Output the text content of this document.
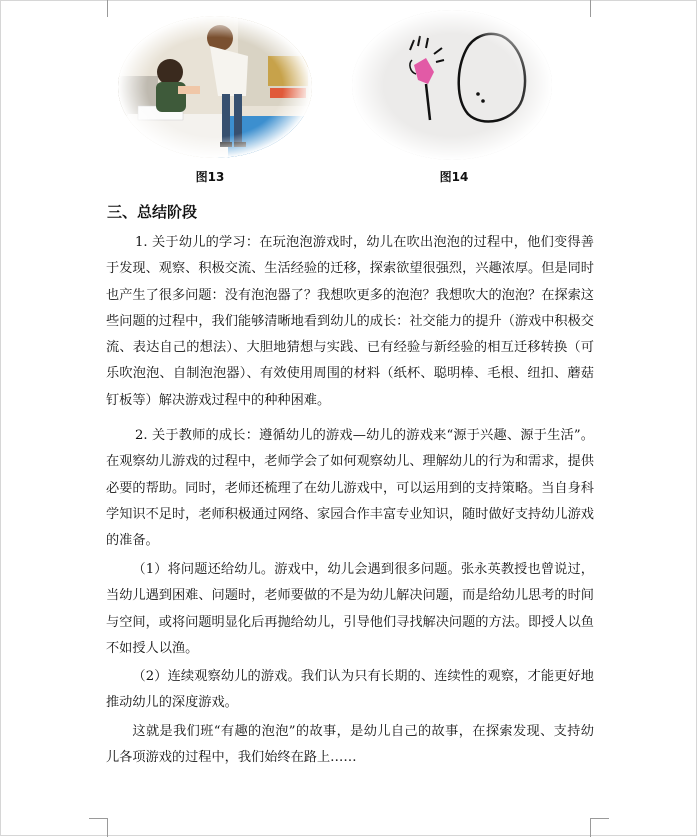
图13	图14
三、总结阶段

1. 关于幼儿的学习：在玩泡泡游戏时，幼儿在吹出泡泡的过程中，他们变得善于发现、观察、积极交流、生活经验的迁移，探索欲望很强烈，兴趣浓厚。但是同时也产生了很多问题：没有泡泡器了？我想吹更多的泡泡？我想吹大的泡泡？在探索这些问题的过程中，我们能够清晰地看到幼儿的成长：社交能力的提升（游戏中积极交流、表达自己的想法）、大胆地猜想与实践、已有经验与新经验的相互迁移转换（可乐吹泡泡、自制泡泡器）、有效使用周围的材料（纸杯、聪明棒、毛根、纽扣、蘑菇钉板等）解决游戏过程中的种种困难。

2. 关于教师的成长：遵循幼儿的游戏—幼儿的游戏来“源于兴趣、源于生活”。在观察幼儿游戏的过程中，老师学会了如何观察幼儿、理解幼儿的行为和需求，提供必要的帮助。同时，老师还梳理了在幼儿游戏中，可以运用到的支持策略。当自身科学知识不足时，老师积极通过网络、家园合作丰富专业知识，随时做好支持幼儿游戏的准备。

（1）将问题还给幼儿。游戏中，幼儿会遇到很多问题。张永英教授也曾说过，当幼儿遇到困难、问题时，老师要做的不是为幼儿解决问题，而是给幼儿思考的时间与空间，或将问题明显化后再抛给幼儿，引导他们寻找解决问题的方法。即授人以鱼不如授人以渔。

（2）连续观察幼儿的游戏。我们认为只有长期的、连续性的观察，才能更好地推动幼儿的深度游戏。

这就是我们班“有趣的泡泡”的故事，是幼儿自己的故事，在探索发现、支持幼儿各项游戏的过程中，我们始终在路上……
